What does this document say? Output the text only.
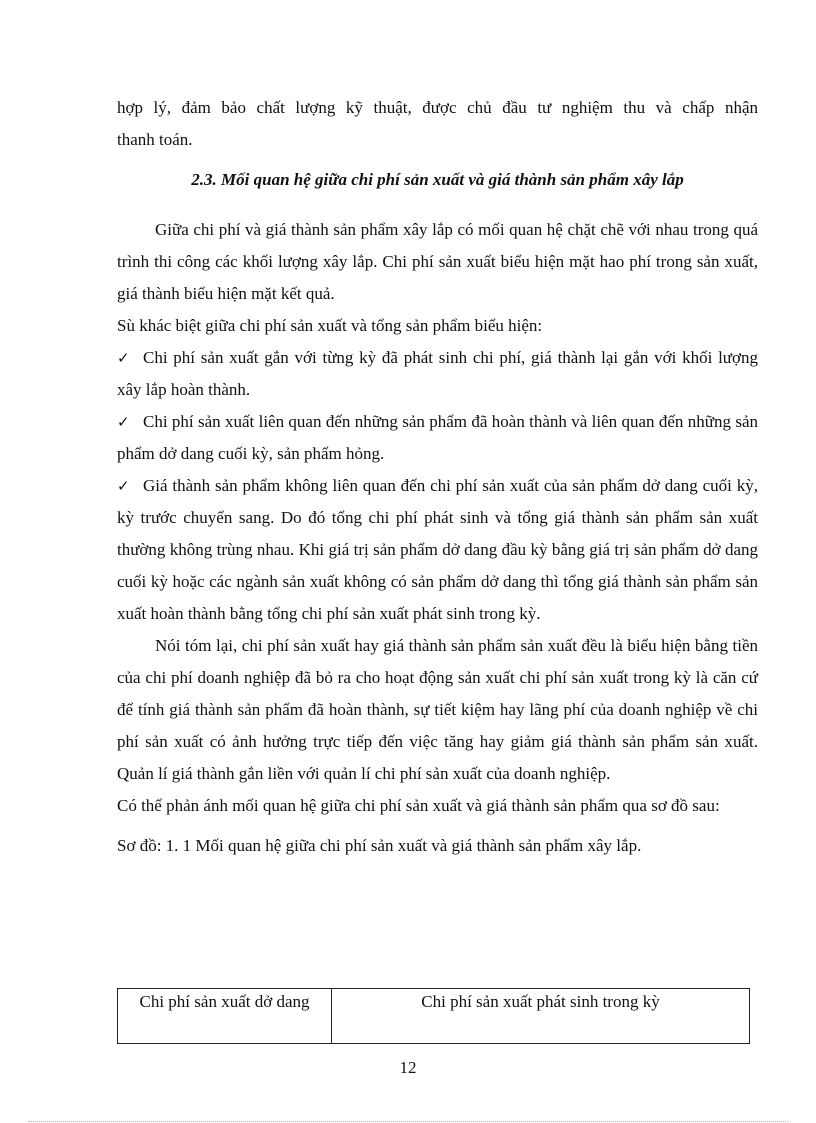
hợp lý, đảm bảo chất lượng kỹ thuật, được chủ đầu tư nghiệm thu và chấp nhận

thanh toán.

2.3. Mối quan hệ giữa chi phí sản xuất và giá thành sản phẩm xây lắp

Giữa chi phí và giá thành sản phẩm xây lắp có mối quan hệ chặt chẽ với nhau trong quá trình thi công các khối lượng xây lắp. Chi phí sản xuất biểu hiện mặt hao phí trong sản xuất, giá thành biểu hiện mặt kết quả.

Sù khác biệt giữa chi phí sản xuất và tổng sản phẩm biểu hiện:

✓ Chi phí sản xuất gắn với từng kỳ đã phát sinh chi phí, giá thành lại gắn với khối lượng xây lắp hoàn thành.

✓ Chi phí sản xuất liên quan đến những sản phẩm đã hoàn thành và liên quan đến những sản phẩm dở dang cuối kỳ, sản phẩm hỏng.

✓ Giá thành sản phẩm không liên quan đến chi phí sản xuất của sản phẩm dở dang cuối kỳ, kỳ trước chuyển sang. Do đó tổng chi phí phát sinh và tổng giá thành sản phẩm sản xuất thường không trùng nhau. Khi giá trị sản phẩm dở dang đầu kỳ bằng giá trị sản phẩm dở dang cuối kỳ hoặc các ngành sản xuất không có sản phẩm dở dang thì tổng giá thành sản phẩm sản xuất hoàn thành bằng tổng chi phí sản xuất phát sinh trong kỳ.

Nói tóm lại, chi phí sản xuất hay giá thành sản phẩm sản xuất đều là biểu hiện bằng tiền của chi phí doanh nghiệp đã bỏ ra cho hoạt động sản xuất chi phí sản xuất trong kỳ là căn cứ để tính giá thành sản phẩm đã hoàn thành, sự tiết kiệm hay lãng phí của doanh nghiệp về chi phí sản xuất có ảnh hưởng trực tiếp đến việc tăng hay giảm giá thành sản phẩm sản xuất. Quản lí giá thành gắn liền với quản lí chi phí sản xuất của doanh nghiệp.

Có thể phản ánh mối quan hệ giữa chi phí sản xuất và giá thành sản phẩm qua sơ đồ sau:

Sơ đồ: 1. 1 Mối quan hệ giữa chi phí sản xuất và giá thành sản phẩm xây lắp.

Chi phí sản xuất dở dang	Chi phí sản xuất phát sinh trong kỳ
12
